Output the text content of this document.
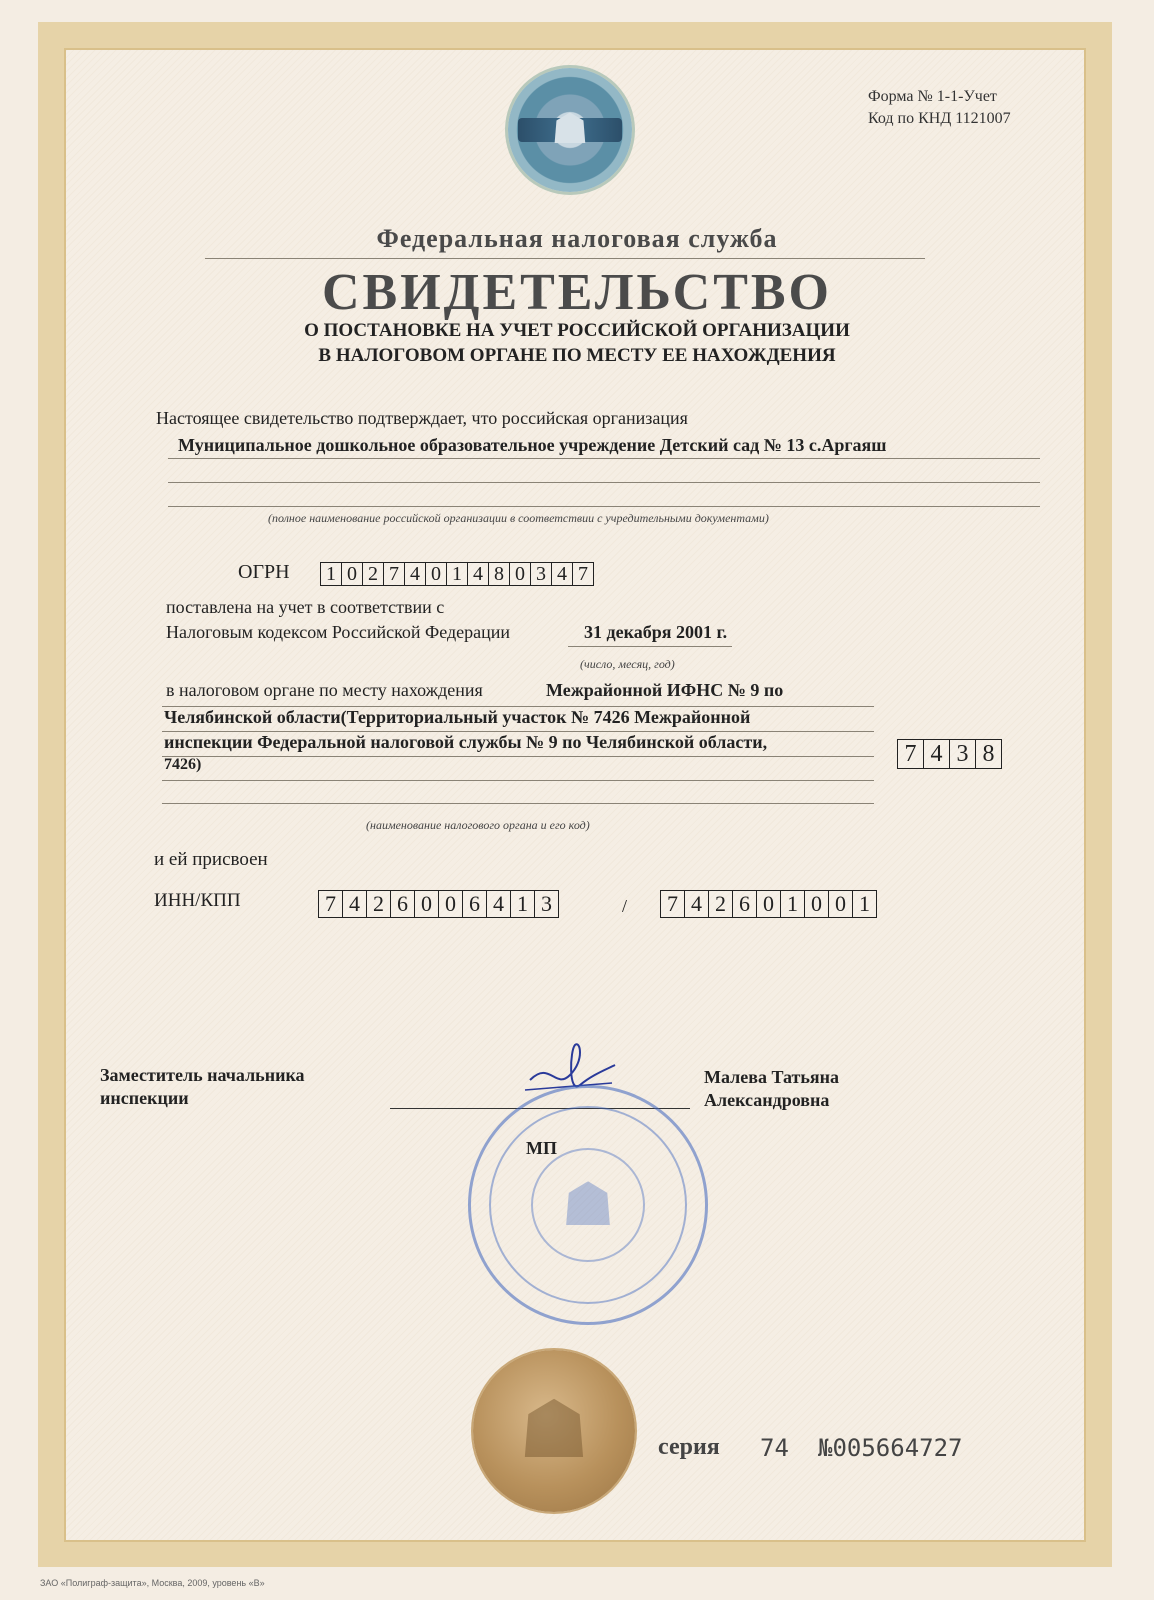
☗
Форма № 1-1-Учет
Код по КНД 1121007
Федеральная налоговая служба
СВИДЕТЕЛЬСТВО
О ПОСТАНОВКЕ НА УЧЕТ РОССИЙСКОЙ ОРГАНИЗАЦИИ
В НАЛОГОВОМ ОРГАНЕ ПО МЕСТУ ЕЕ НАХОЖДЕНИЯ
Настоящее свидетельство подтверждает, что российская организация
Муниципальное дошкольное образовательное учреждение Детский сад № 13 с.Аргаяш
(полное наименование российской организации в соответствии с учредительными документами)
ОГРН	1 0 2 7 4 0 1 4 8 0 3 4 7
поставлена на учет в соответствии с
Налоговым кодексом Российской Федерации	31 декабря 2001 г.
(число, месяц, год)
в налоговом органе по месту нахождения	Межрайонной ИФНС № 9 по
Челябинской области(Территориальный участок № 7426 Межрайонной
инспекции Федеральной налоговой службы № 9 по Челябинской области,
7426)	7 4 3 8
(наименование налогового органа и его код)
и ей присвоен
ИНН/КПП	7 4 2 6 0 0 6 4 1 3	/	7 4 2 6 0 1 0 0 1
Заместитель начальника
инспекции
Малева Татьяна
Александровна
☗
МП
☗	серия 74 №005664727
ЗАО «Полиграф-защита», Москва, 2009, уровень «В»
